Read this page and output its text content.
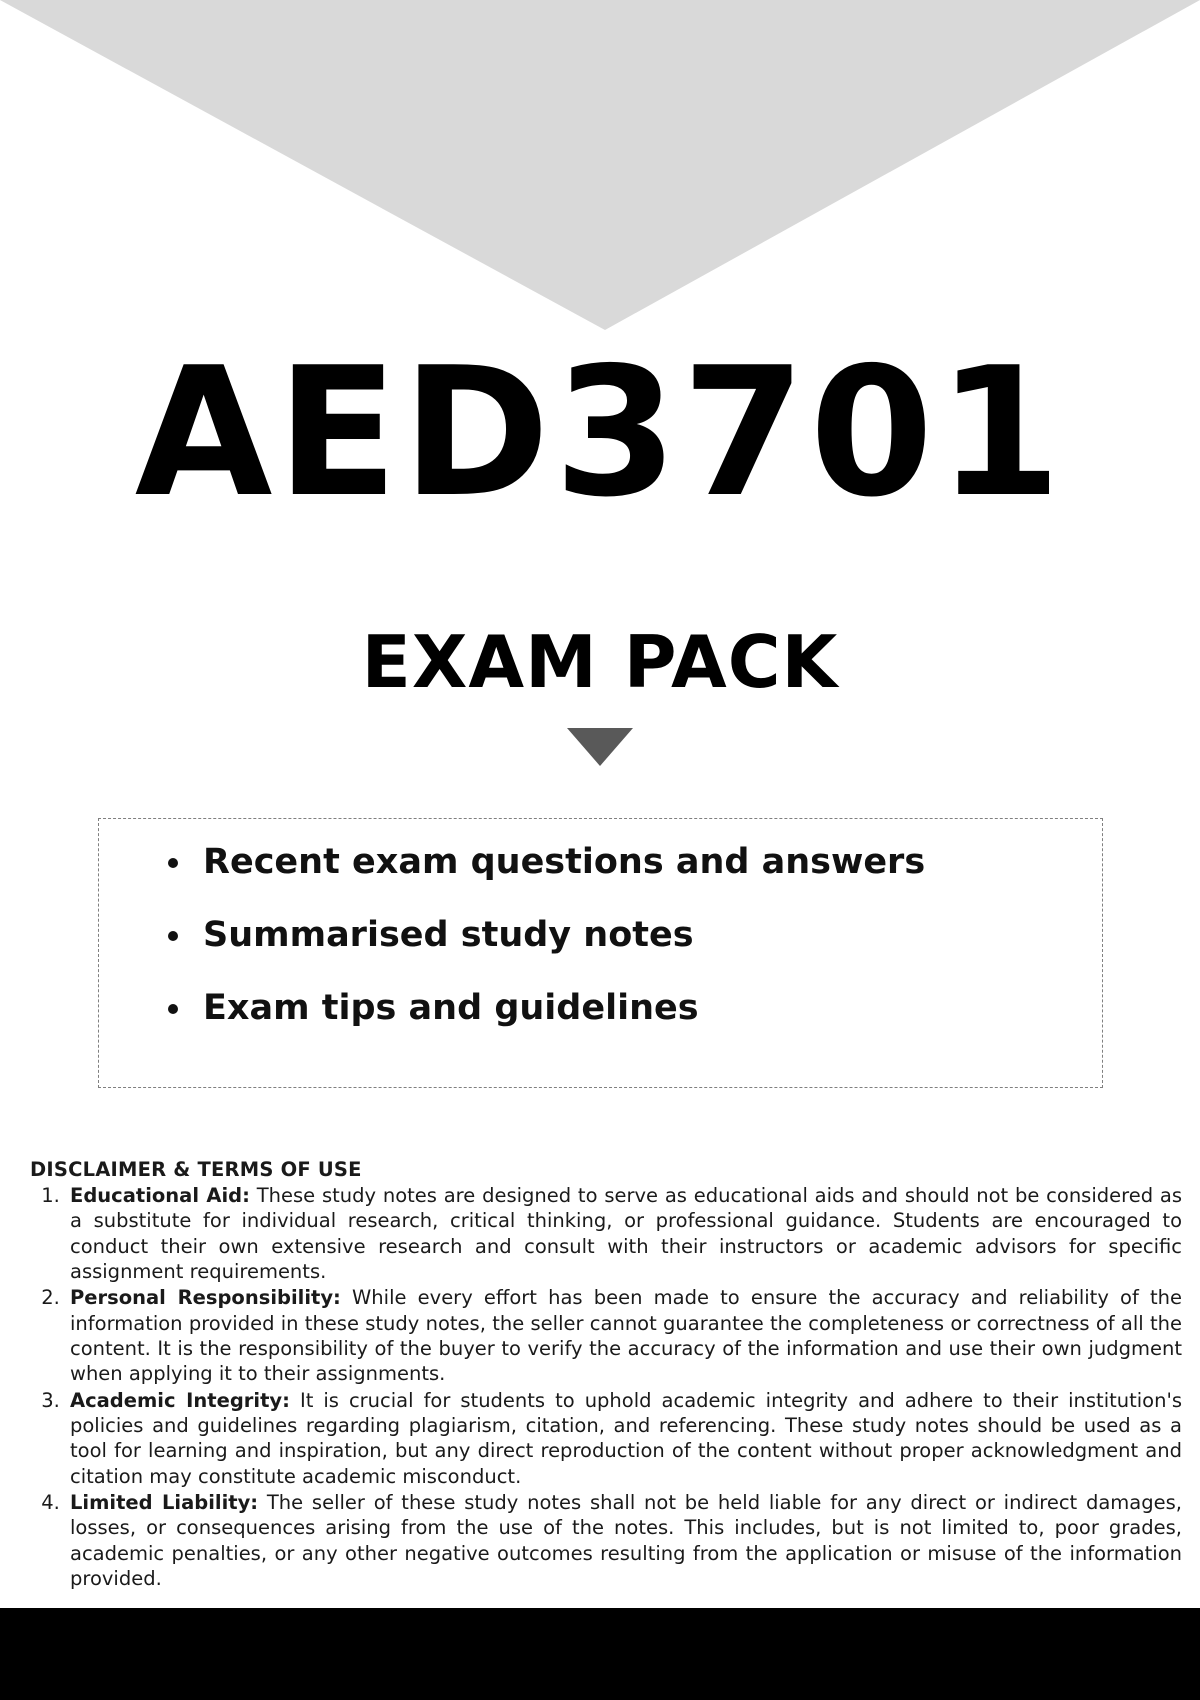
AED3701
EXAM PACK
• Recent exam questions and answers
• Summarised study notes
• Exam tips and guidelines
DISCLAIMER & TERMS OF USE
1. Educational Aid: These study notes are designed to serve as educational aids and should not be considered as a substitute for individual research, critical thinking, or professional guidance. Students are encouraged to conduct their own extensive research and consult with their instructors or academic advisors for specific assignment requirements.
2. Personal Responsibility: While every effort has been made to ensure the accuracy and reliability of the information provided in these study notes, the seller cannot guarantee the completeness or correctness of all the content. It is the responsibility of the buyer to verify the accuracy of the information and use their own judgment when applying it to their assignments.
3. Academic Integrity: It is crucial for students to uphold academic integrity and adhere to their institution's policies and guidelines regarding plagiarism, citation, and referencing. These study notes should be used as a tool for learning and inspiration, but any direct reproduction of the content without proper acknowledgment and citation may constitute academic misconduct.
4. Limited Liability: The seller of these study notes shall not be held liable for any direct or indirect damages, losses, or consequences arising from the use of the notes. This includes, but is not limited to, poor grades, academic penalties, or any other negative outcomes resulting from the application or misuse of the information provided.
